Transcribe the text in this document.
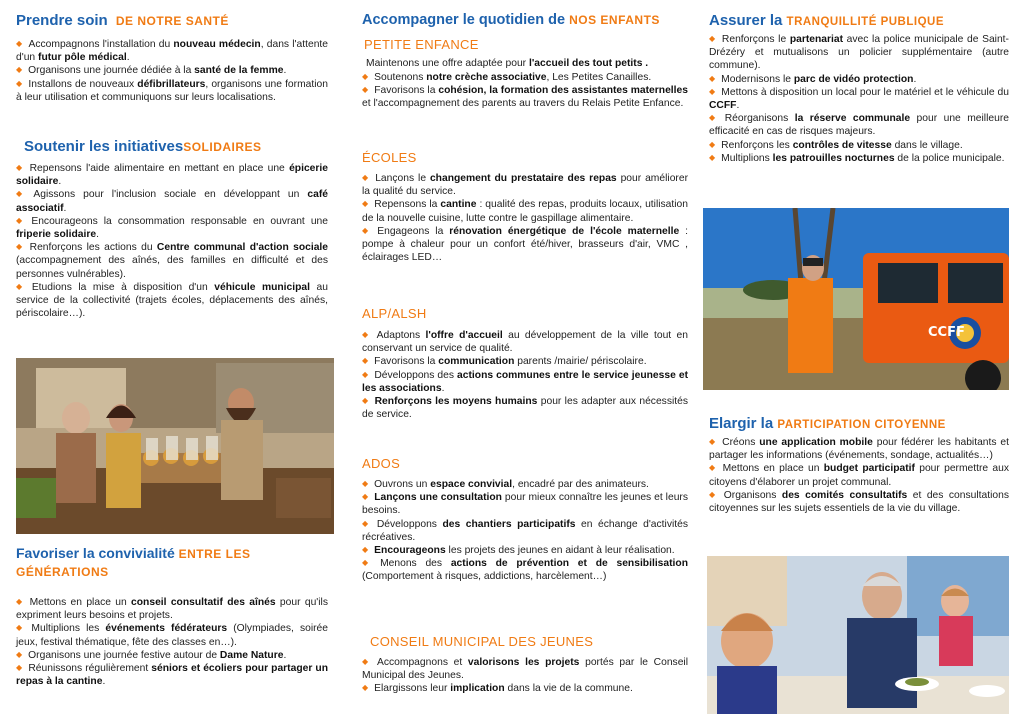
Prendre soin DE NOTRE SANTÉ
◆ Accompagnons l'installation du nouveau médecin, dans l'attente d'un futur pôle médical.
◆ Organisons une journée dédiée à la santé de la femme.
◆ Installons de nouveaux défibrillateurs, organisons une formation à leur utilisation et communiquons sur leurs localisations.
Soutenir les initiativesSOLIDAIRES
◆ Repensons l'aide alimentaire en mettant en place une épicerie solidaire.
◆ Agissons pour l'inclusion sociale en développant un café associatif.
◆ Encourageons la consommation responsable en ouvrant une friperie solidaire.
◆ Renforçons les actions du Centre communal d'action sociale (accompagnement des aînés, des familles en difficulté et des personnes vulnérables).
◆ Etudions la mise à disposition d'un véhicule municipal au service de la collectivité (trajets écoles, déplacements des aînés, périscolaire…).
Favoriser la convivialité ENTRE LES GÉNÉRATIONS
◆ Mettons en place un conseil consultatif des aînés pour qu'ils expriment leurs besoins et projets.
◆ Multiplions les événements fédérateurs (Olympiades, soirée jeux, festival thématique, fête des classes en…).
◆ Organisons une journée festive autour de Dame Nature.
◆ Réunissons régulièrement séniors et écoliers pour partager un repas à la cantine.
Accompagner le quotidien de NOS ENFANTS
PETITE ENFANCE
Maintenons une offre adaptée pour l'accueil des tout petits .
◆ Soutenons notre crèche associative, Les Petites Canailles.
◆ Favorisons la cohésion, la formation des assistantes maternelles et l'accompagnement des parents au travers du Relais Petite Enfance.
ÉCOLES
◆ Lançons le changement du prestataire des repas pour améliorer la qualité du service.
◆ Repensons la cantine : qualité des repas, produits locaux, utilisation de la nouvelle cuisine, lutte contre le gaspillage alimentaire.
◆ Engageons la rénovation énergétique de l'école maternelle : pompe à chaleur pour un confort été/hiver, brasseurs d'air, VMC , éclairages LED…
ALP/ALSH
◆ Adaptons l'offre d'accueil au développement de la ville tout en conservant un service de qualité.
◆ Favorisons la communication parents /mairie/ périscolaire.
◆ Développons des actions communes entre le service jeunesse et les associations.
◆ Renforçons les moyens humains pour les adapter aux nécessités de service.
ADOS
◆ Ouvrons un espace convivial, encadré par des animateurs.
◆ Lançons une consultation pour mieux connaître les jeunes et leurs besoins.
◆ Développons des chantiers participatifs en échange d'activités récréatives.
◆ Encourageons les projets des jeunes en aidant à leur réalisation.
◆ Menons des actions de prévention et de sensibilisation (Comportement à risques, addictions, harcèlement…)
CONSEIL MUNICIPAL DES JEUNES
◆ Accompagnons et valorisons les projets portés par le Conseil Municipal des Jeunes.
◆ Elargissons leur implication dans la vie de la commune.
Assurer la TRANQUILLITÉ PUBLIQUE
◆ Renforçons le partenariat avec la police municipale de Saint-Drézéry et mutualisons un policier supplémentaire (autre commune).
◆ Modernisons le parc de vidéo protection.
◆ Mettons à disposition un local pour le matériel et le véhicule du CCFF.
◆ Réorganisons la réserve communale pour une meilleure efficacité en cas de risques majeurs.
◆ Renforçons les contrôles de vitesse dans le village.
◆ Multiplions les patrouilles nocturnes de la police municipale.
CCFF
Elargir la PARTICIPATION CITOYENNE
◆ Créons une application mobile pour fédérer les habitants et partager les informations (événements, sondage, actualités…)
◆ Mettons en place un budget participatif pour permettre aux citoyens d'élaborer un projet communal.
◆ Organisons des comités consultatifs et des consultations citoyennes sur les sujets essentiels de la vie du village.
